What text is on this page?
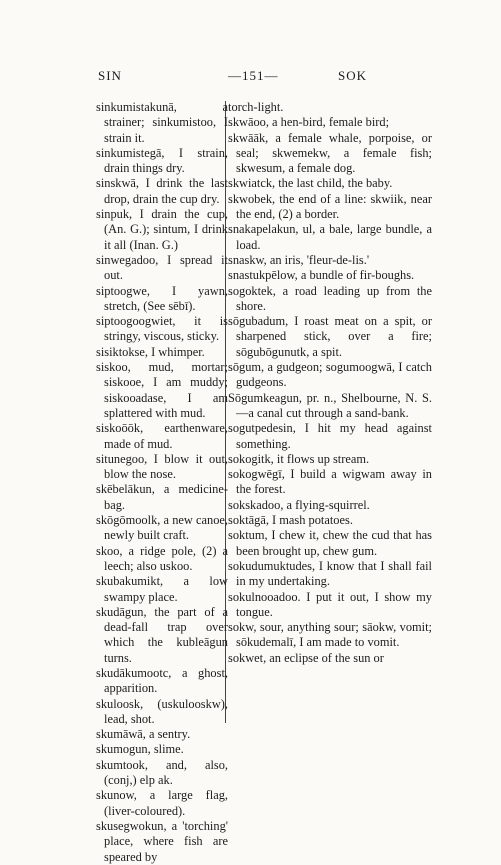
SIN	—151—	SOK

sinkumistakunā, a strainer; sinkumistoo, I strain it.

sinkumistegā, I strain, drain things dry.

sinskwā, I drink the last drop, drain the cup dry.

sinpuk, I drain the cup, (An. G.); sintum, I drink it all (Inan. G.)

sinwegadoo, I spread it out.

siptoogwe, I yawn, stretch, (See sēbī).

siptoogoogwiet, it is stringy, viscous, sticky.

sisiktokse, I whimper.

siskoo, mud, mortar; siskooe, I am muddy; siskooadase, I am splattered with mud.

siskoōōk, earthenware, made of mud.

situnegoo, I blow it out, blow the nose.

skēbelākun, a medicine-bag.

skōgōmoolk, a new canoe, newly built craft.

skoo, a ridge pole, (2) a leech; also uskoo.

skubakumikt, a low swampy place.

skudāgun, the part of a dead-fall trap over which the kubleāgun turns.

skudākumootc, a ghost, apparition.

skuloosk, (uskulooskw), lead, shot.

skumāwā, a sentry.

skumogun, slime.

skumtook, and, also, (conj,) elp ak.

skunow, a large flag, (liver-coloured).

skusegwokun, a 'torching' place, where fish are speared by

torch-light.

skwāoo, a hen-bird, female bird;

skwāāk, a female whale, porpoise, or seal; skwemekw, a female fish; skwesum, a female dog.

skwiatck, the last child, the baby.

skwobek, the end of a line: skwiik, near the end, (2) a border.

snakapelakun, ul, a bale, large bundle, a load.

snaskw, an iris, 'fleur-de-lis.'

snastukpēlow, a bundle of fir-boughs.

sogoktek, a road leading up from the shore.

sōgubadum, I roast meat on a spit, or sharpened stick, over a fire; sōgubōgunutk, a spit.

sōgum, a gudgeon; sogumoogwā, I catch gudgeons.

Sōgumkeagun, pr. n., Shelbourne, N. S.—a canal cut through a sand-bank.

sogutpedesin, I hit my head against something.

sokogitk, it flows up stream.

sokogwēgī, I build a wigwam away in the forest.

sokskadoo, a flying-squirrel.

soktāgā, I mash potatoes.

soktum, I chew it, chew the cud that has been brought up, chew gum.

sokudumuktudes, I know that I shall fail in my undertaking.

sokulnooadoo. I put it out, I show my tongue.

sokw, sour, anything sour; sāokw, vomit; sōkudemalī, I am made to vomit.

sokwet, an eclipse of the sun or
